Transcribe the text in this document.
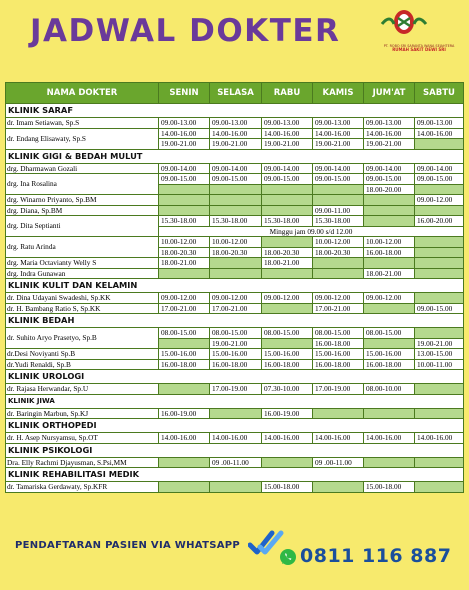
JADWAL DOKTER	PT. ROBO SRI SARANTA WANA SEJAHTERA
RUMAH SAKIT DEWI SRI
NAMA DOKTER	SENIN	SELASA	RABU	KAMIS	JUM'AT	SABTU
KLINIK SARAF						
dr. Imam Setiawan, Sp.S	09.00-13.00	09.00-13.00	09.00-13.00	09.00-13.00	09.00-13.00	09.00-13.00
dr. Endang Elisawaty, Sp.S	14.00-16.00	14.00-16.00	14.00-16.00	14.00-16.00	14.00-16.00	14.00-16.00
	19.00-21.00	19.00-21.00	19.00-21.00	19.00-21.00	19.00-21.00	
KLINIK GIGI & BEDAH MULUT						
drg. Dharmawan Gozali	09.00-14.00	09.00-14.00	09.00-14.00	09.00-14.00	09.00-14.00	09.00-14.00
drg. Ina Rosalina	09.00-15.00	09.00-15.00	09.00-15.00	09.00-15.00	09.00-15.00	09.00-15.00
					18.00-20.00	
drg. Winarno Priyanto, Sp.BM						09.00-12.00
drg. Diana, Sp.BM				09.00-11.00		
drg. Dita Septianti	15.30-18.00	15.30-18.00	15.30-18.00	15.30-18.00		16.00-20.00
	Minggu jam 09.00 s/d 12.00					
drg. Ratu Arinda	10.00-12.00	10.00-12.00		10.00-12.00	10.00-12.00	
	18.00-20.30	18.00-20.30	18.00-20.30	18.00-20.30	16.00-18.00	
drg. Maria Octavianty Welly S	18.00-21.00		18.00-21.00			
drg. Indra Gunawan					18.00-21.00	
KLINIK KULIT DAN KELAMIN						
dr. Dina Udayani Swadeshi, Sp.KK	09.00-12.00	09.00-12.00	09.00-12.00	09.00-12.00	09.00-12.00	
dr. H. Bambang Ratio S, Sp.KK	17.00-21.00	17.00-21.00		17.00-21.00		09.00-15.00
KLINIK BEDAH						
dr. Suhito Aryo Prasetyo, Sp.B	08.00-15.00	08.00-15.00	08.00-15.00	08.00-15.00	08.00-15.00	
		19.00-21.00		16.00-18.00		19.00-21.00
dr.Desi Noviyanti Sp.B	15.00-16.00	15.00-16.00	15.00-16.00	15.00-16.00	15.00-16.00	13.00-15.00
dr.Yudi Renaldi, Sp.B	16.00-18.00	16.00-18.00	16.00-18.00	16.00-18.00	16.00-18.00	10.00-11.00
KLINIK UROLOGI						
dr. Rajasa Herwandar, Sp.U		17.00-19.00	07.30-10.00	17.00-19.00	08.00-10.00	
KLINIK JIWA						
dr. Baringin Marbun, Sp.KJ	16.00-19.00		16.00-19.00			
KLINIK ORTHOPEDI						
dr. H. Asep Nursyamsu, Sp.OT	14.00-16.00	14.00-16.00	14.00-16.00	14.00-16.00	14.00-16.00	14.00-16.00
KLINIK PSIKOLOGI						
Dra. Elly Rachmi Djayusman, S.Psi,MM		09 .00-11.00		09 .00-11.00		
KLINIK REHABILITASI MEDIK						
dr. Tamariska Gerdawaty, Sp.KFR			15.00-18.00		15.00-18.00	
PENDAFTARAN PASIEN VIA WHATSAPP	0811 116 887
